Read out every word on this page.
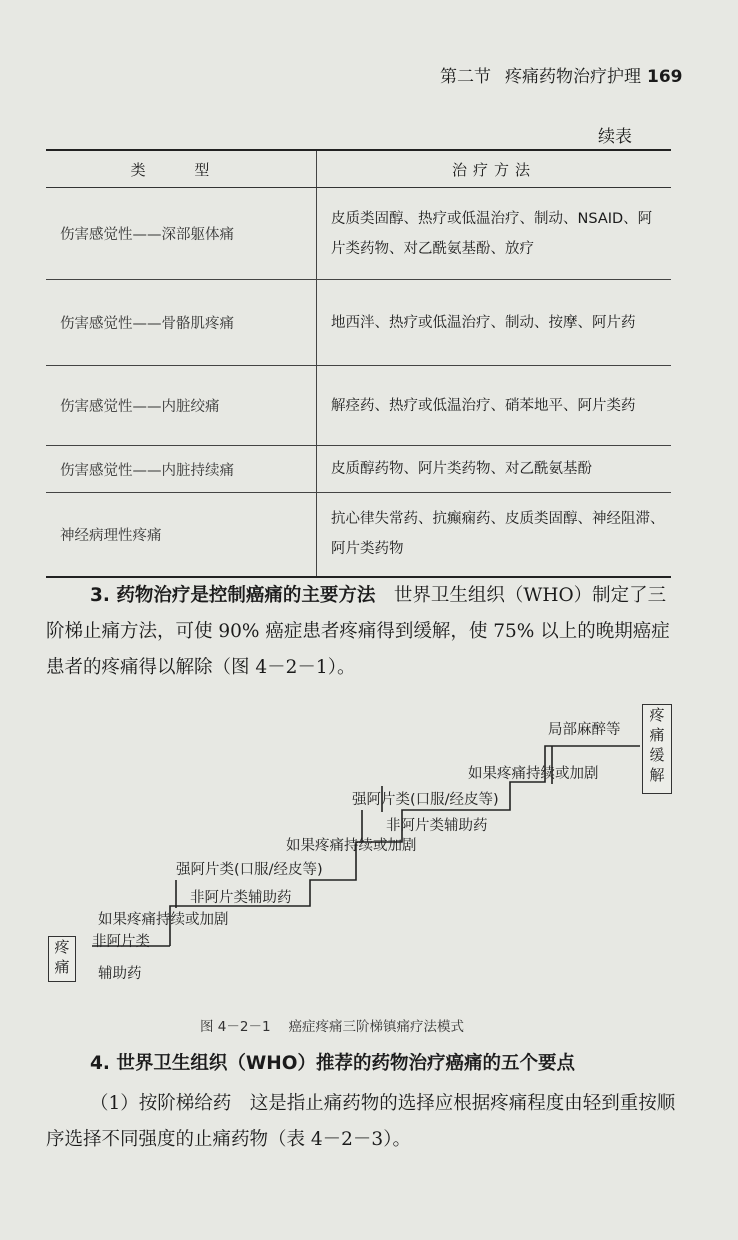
第二节 疼痛药物治疗护理 169
续表
类 型	治疗方法
伤害感觉性——深部躯体痛	皮质类固醇、热疗或低温治疗、制动、NSAID、阿片类药物、对乙酰氨基酚、放疗
伤害感觉性——骨骼肌疼痛	地西泮、热疗或低温治疗、制动、按摩、阿片药
伤害感觉性——内脏绞痛	解痉药、热疗或低温治疗、硝苯地平、阿片类药
伤害感觉性——内脏持续痛	皮质醇药物、阿片类药物、对乙酰氨基酚
神经病理性疼痛	抗心律失常药、抗癫痫药、皮质类固醇、神经阻滞、阿片类药物
3. 药物治疗是控制癌痛的主要方法　 世界卫生组织（WHO）制定了三阶梯止痛方法，可使 90% 癌症患者疼痛得到缓解，使 75% 以上的晚期癌症患者的疼痛得以解除（图 4－2－1）。
疼痛
疼痛缓解
非阿片类
辅助药
如果疼痛持续或加剧
非阿片类辅助药
强阿片类(口服/经皮等)
如果疼痛持续或加剧
非阿片类辅助药
强阿片类(口服/经皮等)
如果疼痛持续或加剧
局部麻醉等
图 4－2－1 癌症疼痛三阶梯镇痛疗法模式
4. 世界卫生组织（WHO）推荐的药物治疗癌痛的五个要点
（1）按阶梯给药　这是指止痛药物的选择应根据疼痛程度由轻到重按顺序选择不同强度的止痛药物（表 4－2－3）。
